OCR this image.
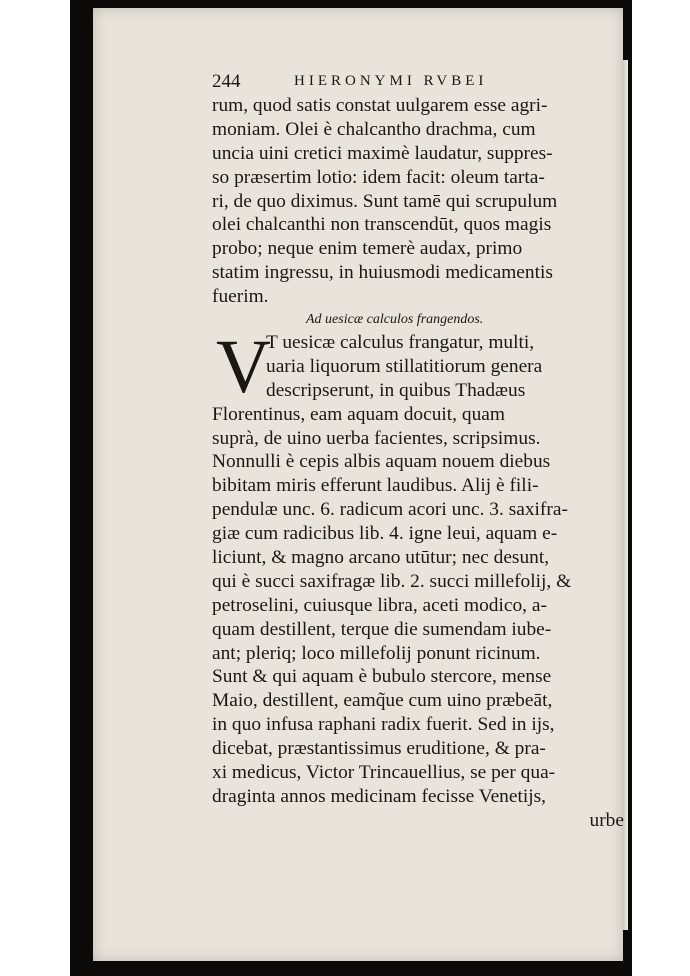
244	HIERONYMI RVBEI
rum, quod satis constat uulgarem esse agri-
moniam. Olei è chalcantho drachma, cum
uncia uini cretici maximè laudatur, suppres-
so præsertim lotio: idem facit: oleum tarta-
ri, de quo diximus. Sunt tamē qui scrupulum
olei chalcanthi non transcendūt, quos magis
probo; neque enim temerè audax, primo
statim ingressu, in huiusmodi medicamentis
fuerim.
Ad uesicæ calculos frangendos.
V
T uesicæ calculus frangatur, multi,
uaria liquorum stillatitiorum genera
descripserunt, in quibus Thadæus
Florentinus, eam aquam docuit, quam
suprà, de uino uerba facientes, scripsimus.
Nonnulli è cepis albis aquam nouem diebus
bibitam miris efferunt laudibus. Alij è fili-
pendulæ unc. 6. radicum acori unc. 3. saxifra-
giæ cum radicibus lib. 4. igne leui, aquam e-
liciunt, & magno arcano utūtur; nec desunt,
qui è succi saxifragæ lib. 2. succi millefolij, &
petroselini, cuiusque libra, aceti modico, a-
quam destillent, terque die sumendam iube-
ant; pleriq; loco millefolij ponunt ricinum.
Sunt & qui aquam è bubulo stercore, mense
Maio, destillent, eamq̃ue cum uino præbeāt,
in quo infusa raphani radix fuerit. Sed in ijs,
dicebat, præstantissimus eruditione, & pra-
xi medicus, Victor Trincauellius, se per qua-
draginta annos medicinam fecisse Venetijs,
urbe
